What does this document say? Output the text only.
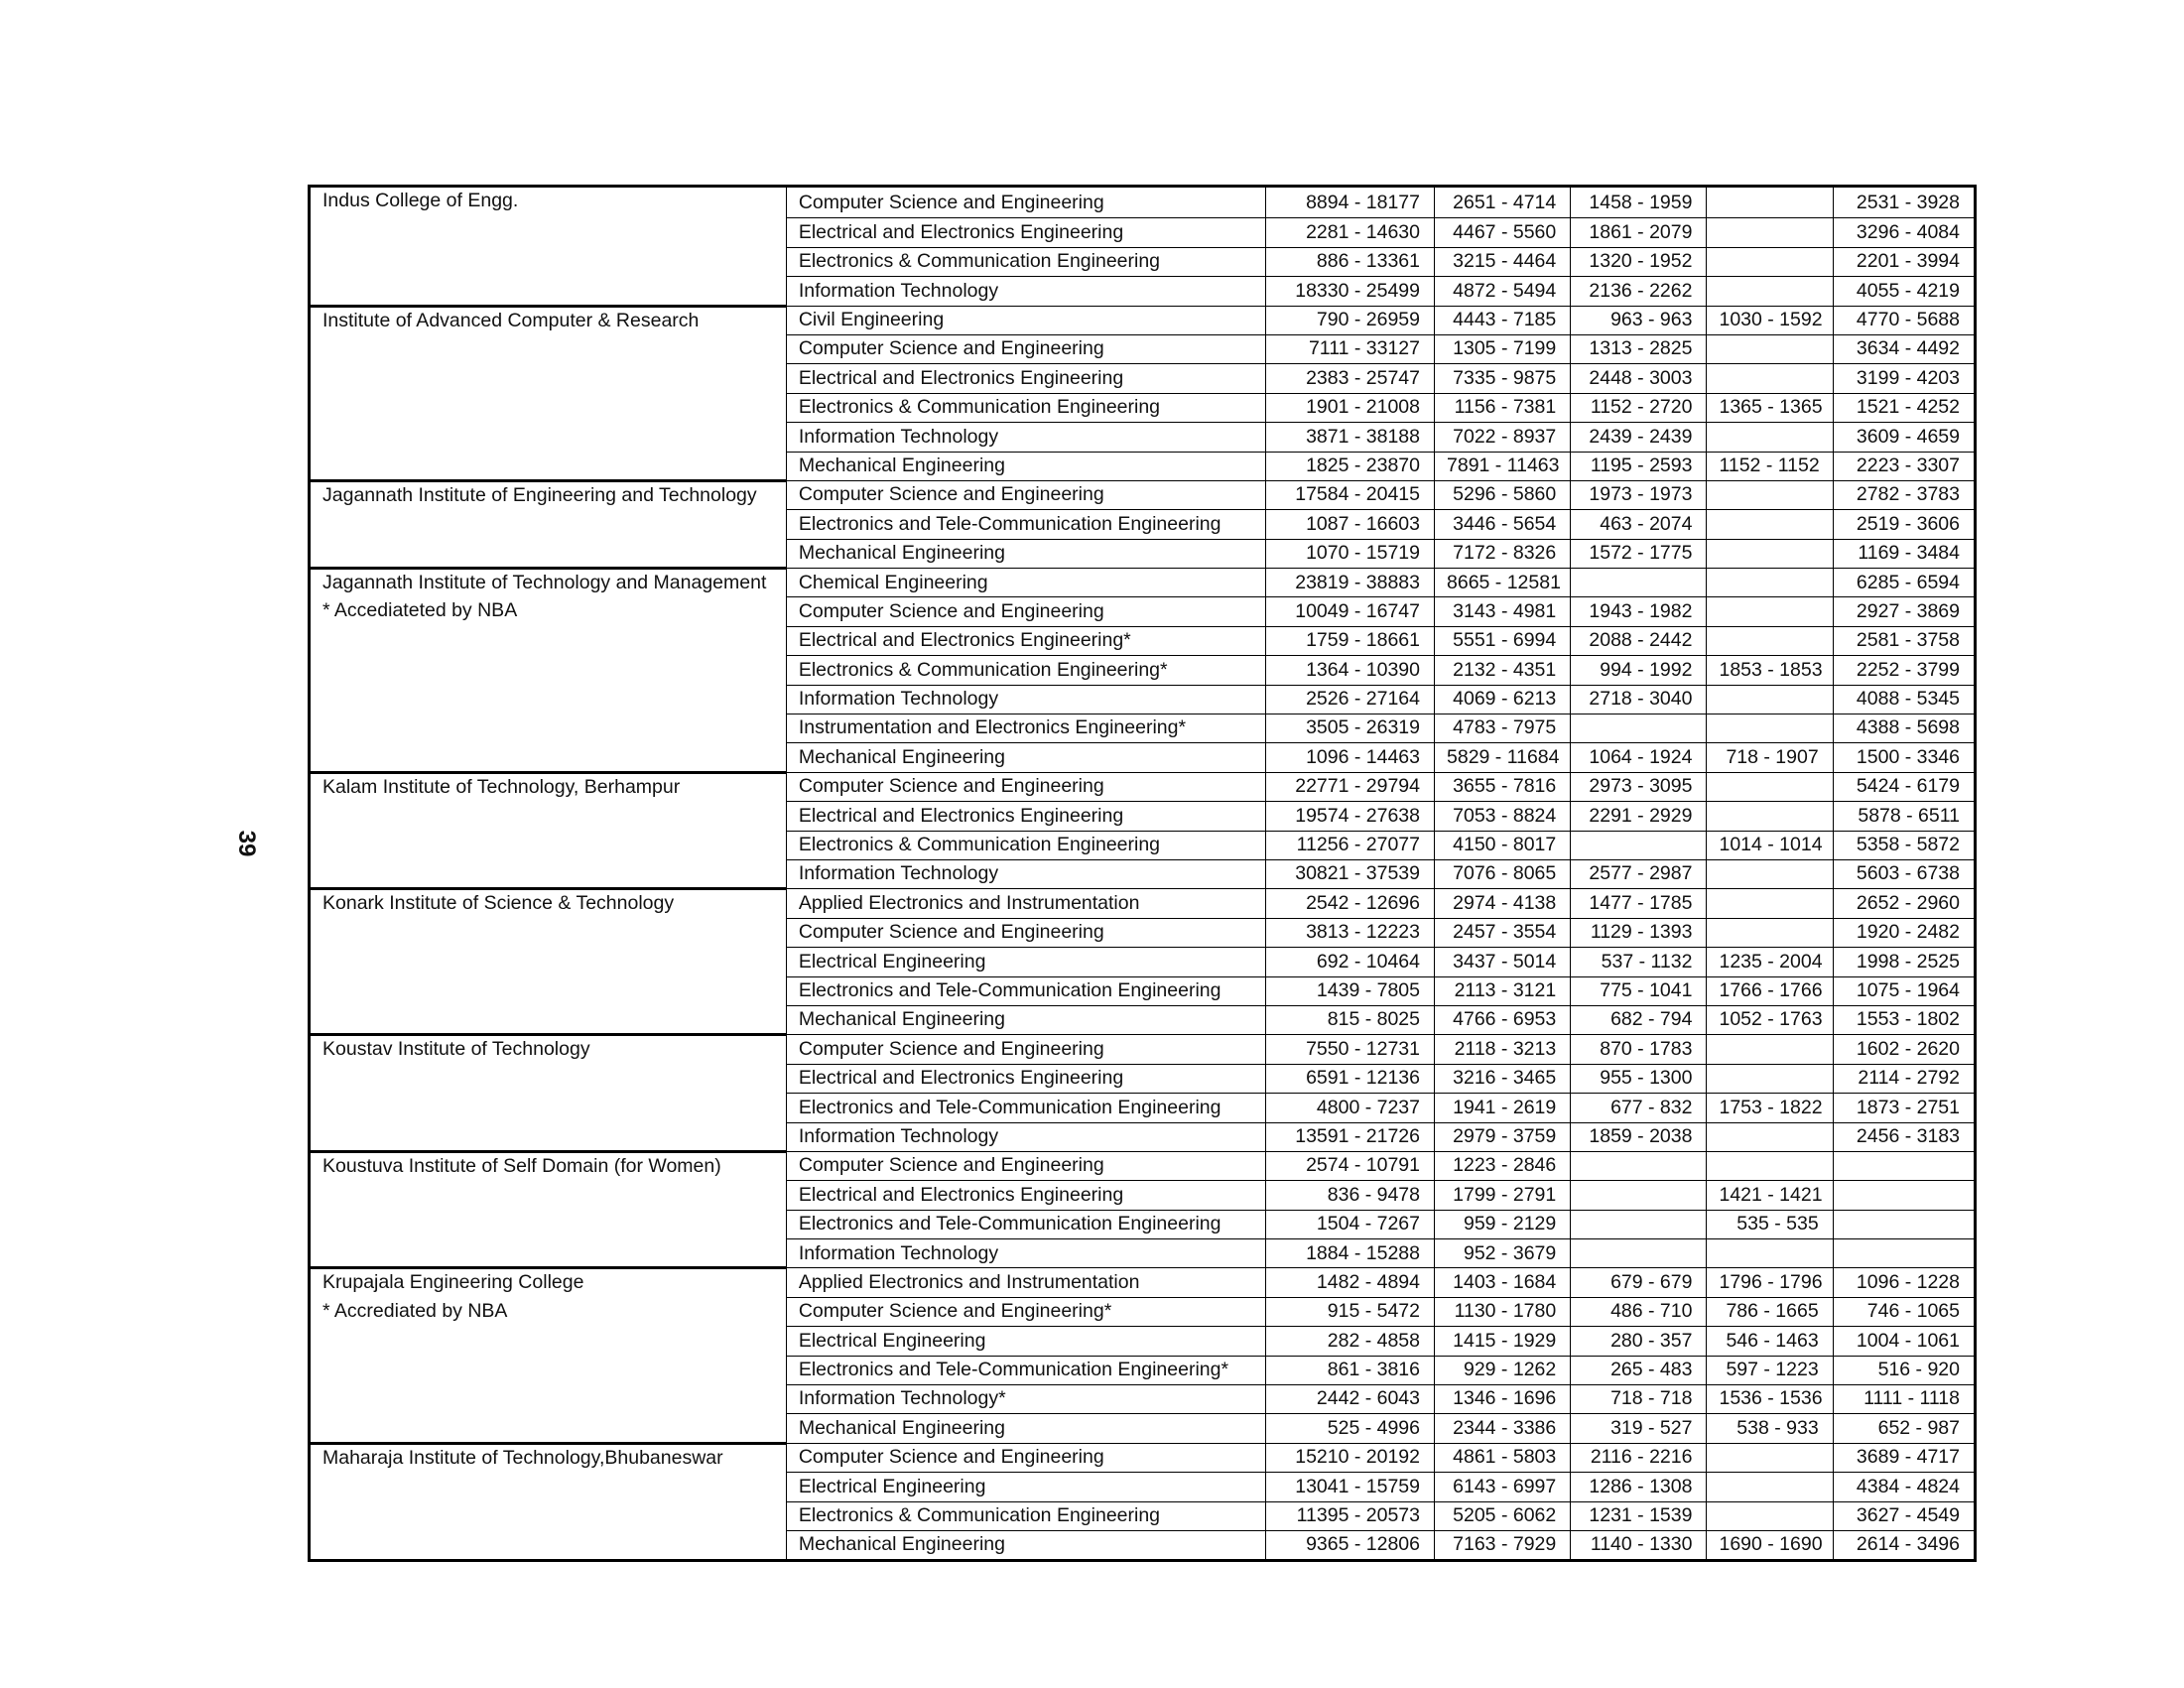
39
Indus College of Engg.	Computer Science and Engineering	8894 - 18177	2651 - 4714	1458 - 1959		2531 - 3928
	Electrical and Electronics Engineering	2281 - 14630	4467 - 5560	1861 - 2079		3296 - 4084
	Electronics & Communication Engineering	886 - 13361	3215 - 4464	1320 - 1952		2201 - 3994
	Information Technology	18330 - 25499	4872 - 5494	2136 - 2262		4055 - 4219

Institute of Advanced Computer & Research	Civil Engineering	790 - 26959	4443 - 7185	963 - 963	1030 - 1592	4770 - 5688
	Computer Science and Engineering	7111 - 33127	1305 - 7199	1313 - 2825		3634 - 4492
	Electrical and Electronics Engineering	2383 - 25747	7335 - 9875	2448 - 3003		3199 - 4203
	Electronics & Communication Engineering	1901 - 21008	1156 - 7381	1152 - 2720	1365 - 1365	1521 - 4252
	Information Technology	3871 - 38188	7022 - 8937	2439 - 2439		3609 - 4659
	Mechanical Engineering	1825 - 23870	7891 - 11463	1195 - 2593	1152 - 1152	2223 - 3307

Jagannath Institute of Engineering and Technology	Computer Science and Engineering	17584 - 20415	5296 - 5860	1973 - 1973		2782 - 3783
	Electronics and Tele-Communication Engineering	1087 - 16603	3446 - 5654	463 - 2074		2519 - 3606
	Mechanical Engineering	1070 - 15719	7172 - 8326	1572 - 1775		1169 - 3484

Jagannath Institute of Technology and Management
* Accediateted by NBA	Chemical Engineering	23819 - 38883	8665 - 12581			6285 - 6594
	Computer Science and Engineering	10049 - 16747	3143 - 4981	1943 - 1982		2927 - 3869
	Electrical and Electronics Engineering*	1759 - 18661	5551 - 6994	2088 - 2442		2581 - 3758
	Electronics & Communication Engineering*	1364 - 10390	2132 - 4351	994 - 1992	1853 - 1853	2252 - 3799
	Information Technology	2526 - 27164	4069 - 6213	2718 - 3040		4088 - 5345
	Instrumentation and Electronics Engineering*	3505 - 26319	4783 - 7975			4388 - 5698
	Mechanical Engineering	1096 - 14463	5829 - 11684	1064 - 1924	718 - 1907	1500 - 3346

Kalam Institute of Technology, Berhampur	Computer Science and Engineering	22771 - 29794	3655 - 7816	2973 - 3095		5424 - 6179
	Electrical and Electronics Engineering	19574 - 27638	7053 - 8824	2291 - 2929		5878 - 6511
	Electronics & Communication Engineering	11256 - 27077	4150 - 8017		1014 - 1014	5358 - 5872
	Information Technology	30821 - 37539	7076 - 8065	2577 - 2987		5603 - 6738

Konark Institute of Science & Technology	Applied Electronics and Instrumentation	2542 - 12696	2974 - 4138	1477 - 1785		2652 - 2960
	Computer Science and Engineering	3813 - 12223	2457 - 3554	1129 - 1393		1920 - 2482
	Electrical Engineering	692 - 10464	3437 - 5014	537 - 1132	1235 - 2004	1998 - 2525
	Electronics and Tele-Communication Engineering	1439 - 7805	2113 - 3121	775 - 1041	1766 - 1766	1075 - 1964
	Mechanical Engineering	815 - 8025	4766 - 6953	682 - 794	1052 - 1763	1553 - 1802

Koustav Institute of Technology	Computer Science and Engineering	7550 - 12731	2118 - 3213	870 - 1783		1602 - 2620
	Electrical and Electronics Engineering	6591 - 12136	3216 - 3465	955 - 1300		2114 - 2792
	Electronics and Tele-Communication Engineering	4800 - 7237	1941 - 2619	677 - 832	1753 - 1822	1873 - 2751
	Information Technology	13591 - 21726	2979 - 3759	1859 - 2038		2456 - 3183

Koustuva Institute of Self Domain (for Women)	Computer Science and Engineering	2574 - 10791	1223 - 2846			
	Electrical and Electronics Engineering	836 - 9478	1799 - 2791		1421 - 1421	
	Electronics and Tele-Communication Engineering	1504 - 7267	959 - 2129		535 - 535	
	Information Technology	1884 - 15288	952 - 3679			

Krupajala Engineering College
* Accrediated by NBA	Applied Electronics and Instrumentation	1482 - 4894	1403 - 1684	679 - 679	1796 - 1796	1096 - 1228
	Computer Science and Engineering*	915 - 5472	1130 - 1780	486 - 710	786 - 1665	746 - 1065
	Electrical Engineering	282 - 4858	1415 - 1929	280 - 357	546 - 1463	1004 - 1061
	Electronics and Tele-Communication Engineering*	861 - 3816	929 - 1262	265 - 483	597 - 1223	516 - 920
	Information Technology*	2442 - 6043	1346 - 1696	718 - 718	1536 - 1536	1111 - 1118
	Mechanical Engineering	525 - 4996	2344 - 3386	319 - 527	538 - 933	652 - 987

Maharaja Institute of Technology,Bhubaneswar	Computer Science and Engineering	15210 - 20192	4861 - 5803	2116 - 2216		3689 - 4717
	Electrical Engineering	13041 - 15759	6143 - 6997	1286 - 1308		4384 - 4824
	Electronics & Communication Engineering	11395 - 20573	5205 - 6062	1231 - 1539		3627 - 4549
	Mechanical Engineering	9365 - 12806	7163 - 7929	1140 - 1330	1690 - 1690	2614 - 3496
